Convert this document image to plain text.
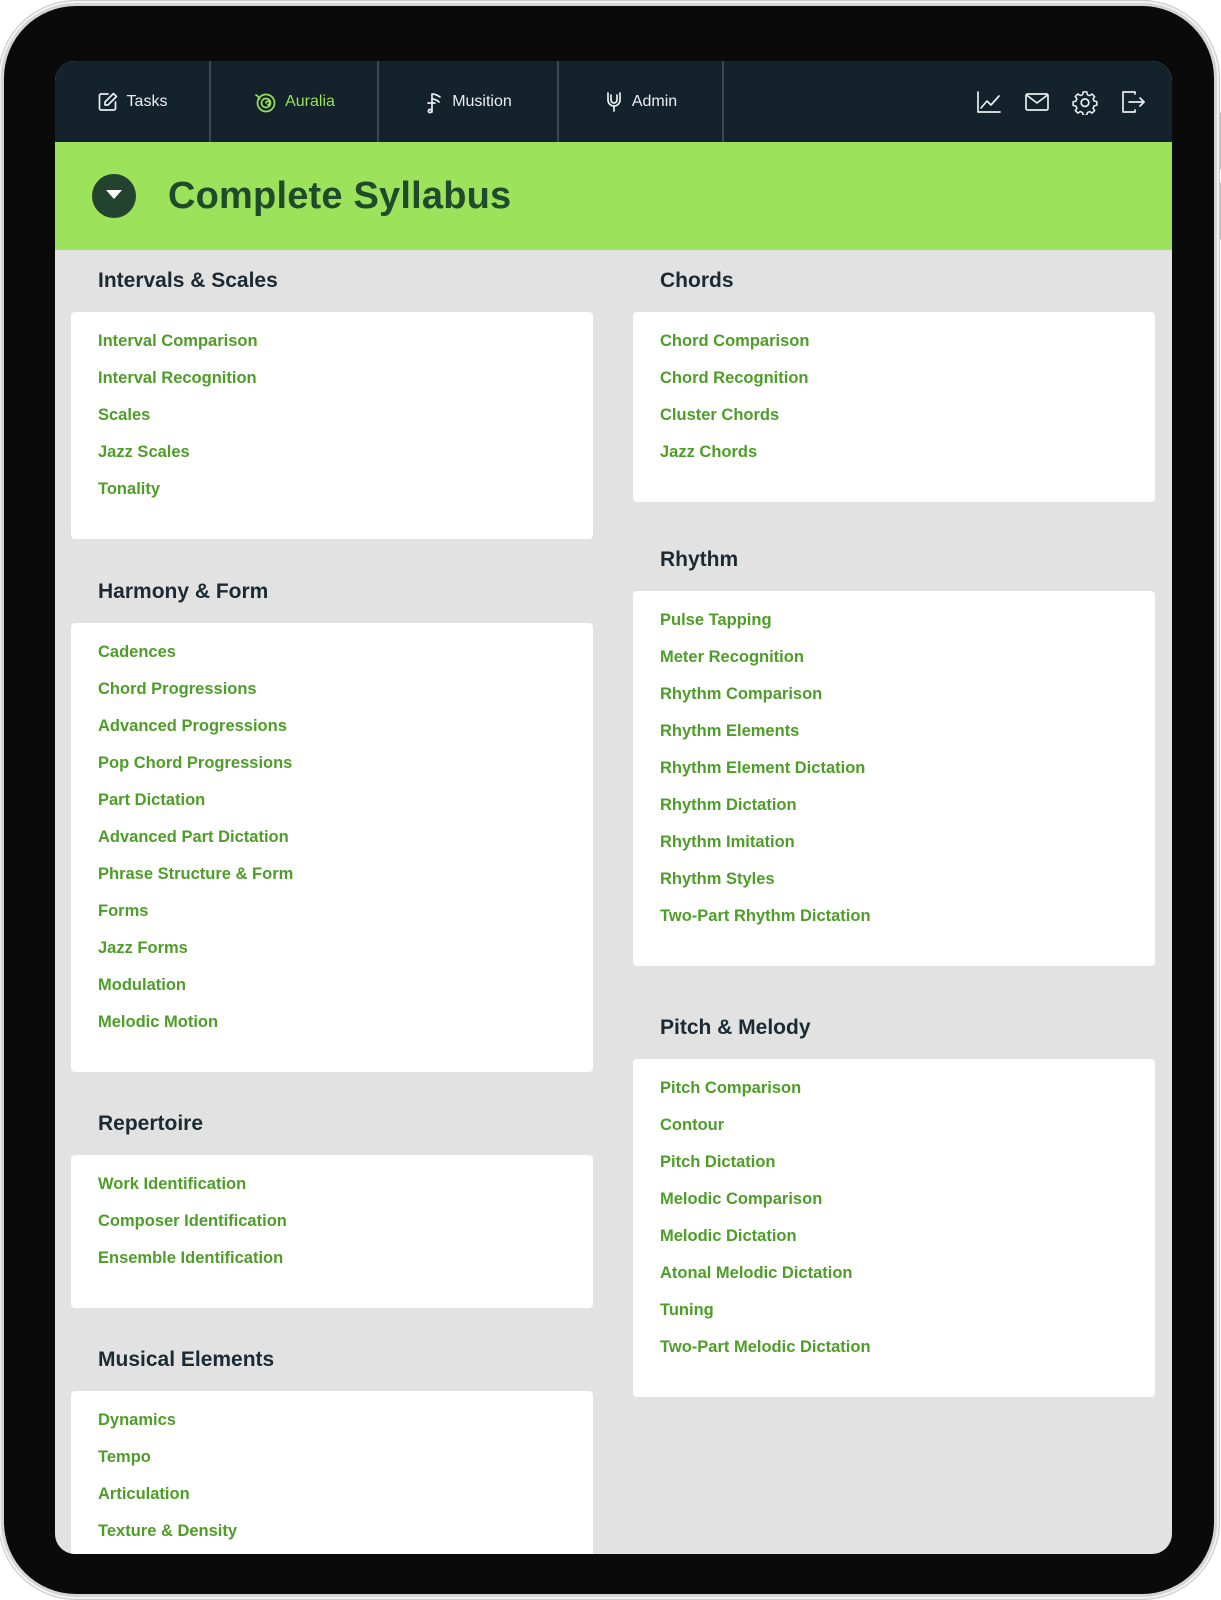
Tasks	Auralia	Musition	Admin
Complete Syllabus
Intervals & Scales
Interval Comparison
Interval Recognition
Scales
Jazz Scales
Tonality
Harmony & Form
Cadences
Chord Progressions
Advanced Progressions
Pop Chord Progressions
Part Dictation
Advanced Part Dictation
Phrase Structure & Form
Forms
Jazz Forms
Modulation
Melodic Motion
Repertoire
Work Identification
Composer Identification
Ensemble Identification
Musical Elements
Dynamics
Tempo
Articulation
Texture & Density
Chords
Chord Comparison
Chord Recognition
Cluster Chords
Jazz Chords
Rhythm
Pulse Tapping
Meter Recognition
Rhythm Comparison
Rhythm Elements
Rhythm Element Dictation
Rhythm Dictation
Rhythm Imitation
Rhythm Styles
Two-Part Rhythm Dictation
Pitch & Melody
Pitch Comparison
Contour
Pitch Dictation
Melodic Comparison
Melodic Dictation
Atonal Melodic Dictation
Tuning
Two-Part Melodic Dictation
